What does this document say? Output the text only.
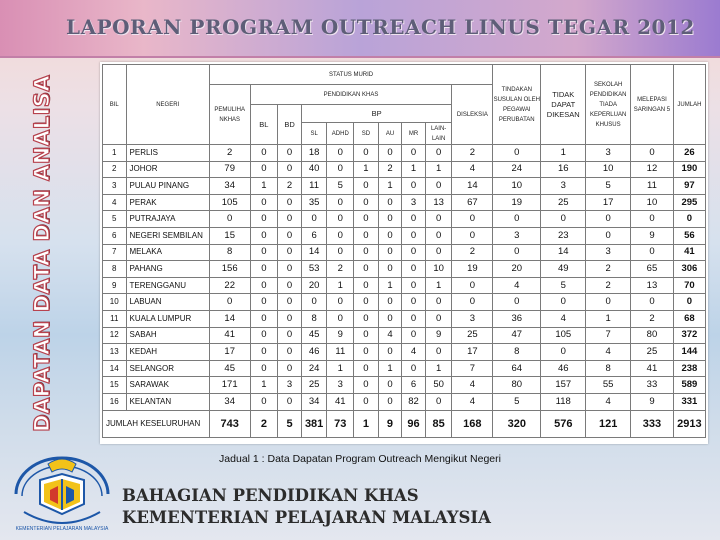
LAPORAN PROGRAM OUTREACH LINUS TEGAR 2012
DAPATAN DATA DAN ANALISA	BIL	NEGERI	STATUS MURID										TINDAKAN SUSULAN OLEH PEGAWAI PERUBATAN	TIDAK DAPAT DIKESAN	SEKOLAH PENDIDIKAN TIADA KEPERLUAN KHUSUS	MELEPASI SARINGAN 5	JUMLAH
		PEMULIHA NKHAS	PENDIDIKAN KHAS								DISLEKSIA					
			BL	BD	BP											
					SL	ADHD	SD	AU	MR	LAIN-LAIN						
1	PERLIS	2	0	0	18	0	0	0	0	0	2	0	1	3	0	26
2	JOHOR	79	0	0	40	0	1	2	1	1	4	24	16	10	12	190
3	PULAU PINANG	34	1	2	11	5	0	1	0	0	14	10	3	5	11	97
4	PERAK	105	0	0	35	0	0	0	3	13	67	19	25	17	10	295
5	PUTRAJAYA	0	0	0	0	0	0	0	0	0	0	0	0	0	0	0
6	NEGERI SEMBILAN	15	0	0	6	0	0	0	0	0	0	3	23	0	9	56
7	MELAKA	8	0	0	14	0	0	0	0	0	2	0	14	3	0	41
8	PAHANG	156	0	0	53	2	0	0	0	10	19	20	49	2	65	306
9	TERENGGANU	22	0	0	20	1	0	1	0	1	0	4	5	2	13	70
10	LABUAN	0	0	0	0	0	0	0	0	0	0	0	0	0	0	0
11	KUALA LUMPUR	14	0	0	8	0	0	0	0	0	3	36	4	1	2	68
12	SABAH	41	0	0	45	9	0	4	0	9	25	47	105	7	80	372
13	KEDAH	17	0	0	46	11	0	0	4	0	17	8	0	4	25	144
14	SELANGOR	45	0	0	24	1	0	1	0	1	7	64	46	8	41	238
15	SARAWAK	171	1	3	25	3	0	0	6	50	4	80	157	55	33	589
16	KELANTAN	34	0	0	34	41	0	0	82	0	4	5	118	4	9	331
JUMLAH KESELURUHAN		743	2	5	381	73	1	9	96	85	168	320	576	121	333	2913
Jadual 1 : Data Dapatan Program Outreach Mengikut Negeri
KEMENTERIAN PELAJARAN MALAYSIA
BAHAGIAN PENDIDIKAN KHAS
KEMENTERIAN PELAJARAN MALAYSIA
